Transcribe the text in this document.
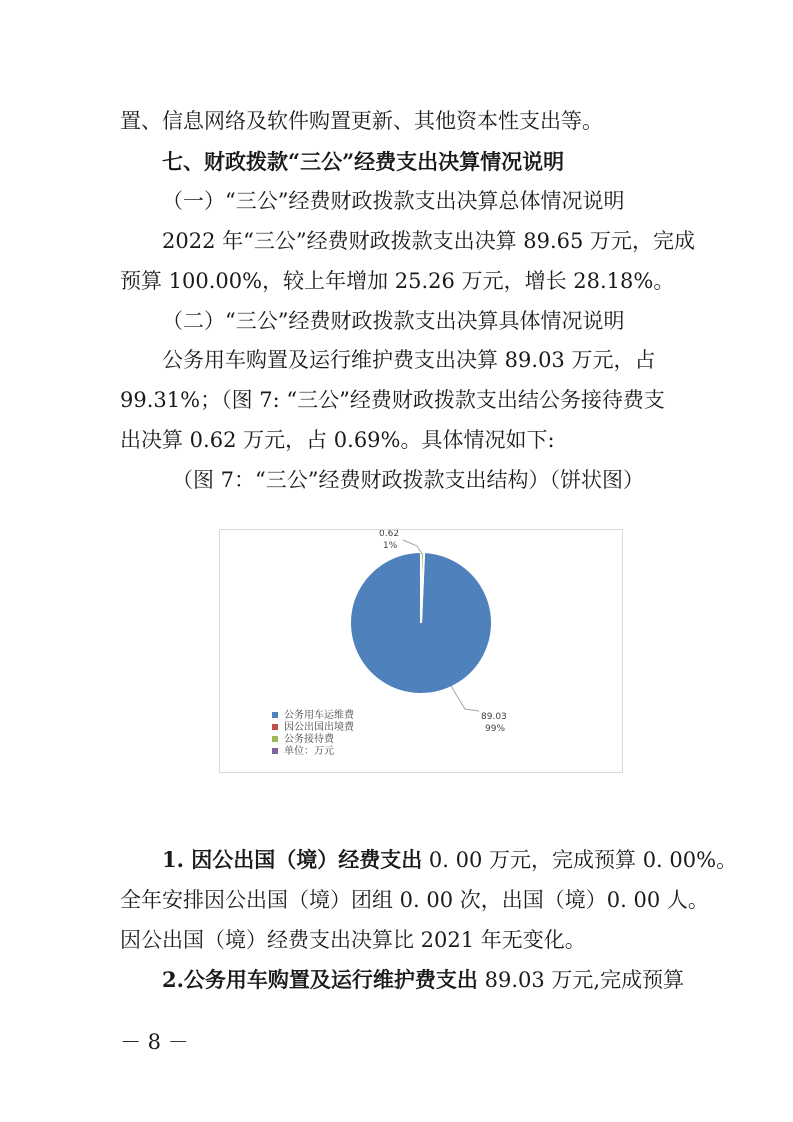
置、信息网络及软件购置更新、其他资本性支出等。
七、财政拨款“三公”经费支出决算情况说明
（一）“三公”经费财政拨款支出决算总体情况说明
2022 年“三公”经费财政拨款支出决算 89.65 万元，完成
预算 100.00%，较上年增加 25.26 万元，增长 28.18%。
（二）“三公”经费财政拨款支出决算具体情况说明
公务用车购置及运行维护费支出决算 89.03 万元，占
99.31%；（图 7: “三公”经费财政拨款支出结公务接待费支
出决算 0.62 万元，占 0.69%。具体情况如下:
（图 7：“三公”经费财政拨款支出结构）（饼状图）
0.62
1%
89.03
99%
公务用车运维费
因公出国出境费
公务接待费
单位：万元
1. 因公出国（境）经费支出 0. 00 万元，完成预算 0. 00%。
全年安排因公出国（境）团组 0. 00 次，出国（境）0. 00 人。
因公出国（境）经费支出决算比 2021 年无变化。
2.公务用车购置及运行维护费支出 89.03 万元,完成预算
－ 8 －
